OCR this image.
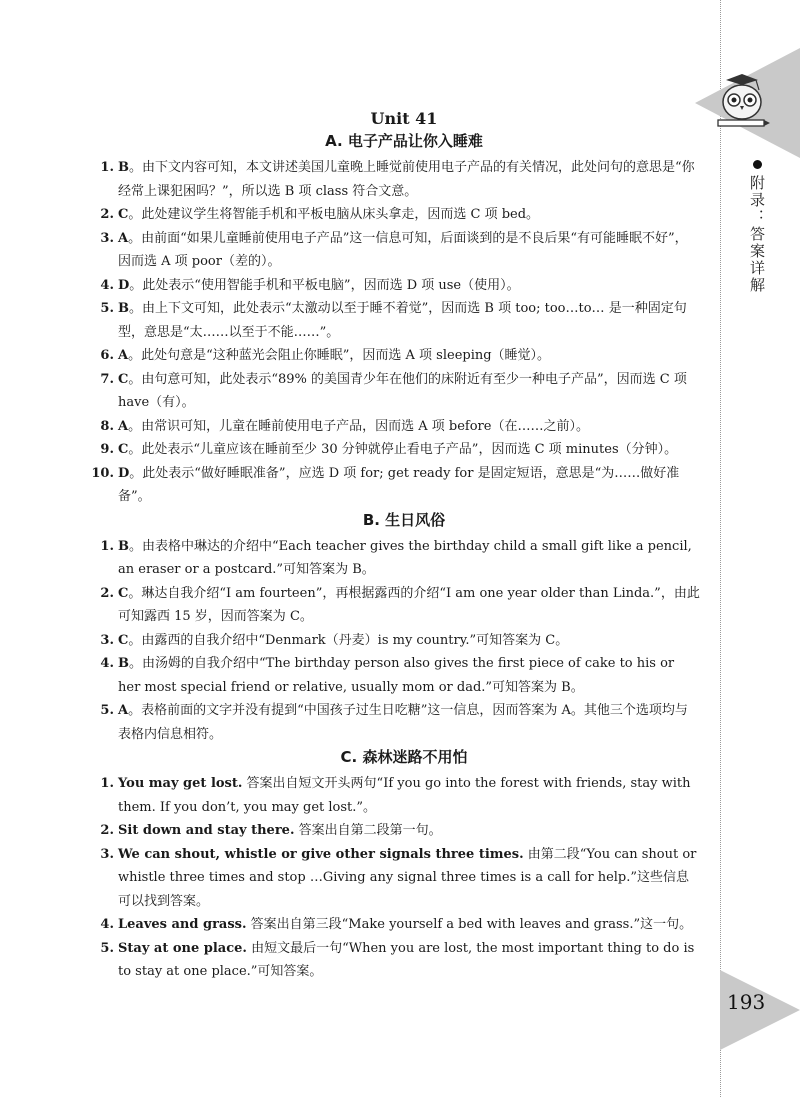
附录：答案详解
193
Unit 41
A. 电子产品让你入睡难

1. B。由下文内容可知，本文讲述美国儿童晚上睡觉前使用电子产品的有关情况，此处问句的意思是“你经常上课犯困吗？”，所以选 B 项 class 符合文意。

2. C。此处建议学生将智能手机和平板电脑从床头拿走，因而选 C 项 bed。

3. A。由前面“如果儿童睡前使用电子产品”这一信息可知，后面谈到的是不良后果“有可能睡眠不好”，因而选 A 项 poor（差的）。

4. D。此处表示“使用智能手机和平板电脑”，因而选 D 项 use（使用）。

5. B。由上下文可知，此处表示“太激动以至于睡不着觉”，因而选 B 项 too; too…to… 是一种固定句型，意思是“太……以至于不能……”。

6. A。此处句意是“这种蓝光会阻止你睡眠”，因而选 A 项 sleeping（睡觉）。

7. C。由句意可知，此处表示“89% 的美国青少年在他们的床附近有至少一种电子产品”，因而选 C 项 have（有）。

8. A。由常识可知，儿童在睡前使用电子产品，因而选 A 项 before（在……之前）。

9. C。此处表示“儿童应该在睡前至少 30 分钟就停止看电子产品”，因而选 C 项 minutes（分钟）。

10. D。此处表示“做好睡眠准备”，应选 D 项 for; get ready for 是固定短语，意思是“为……做好准备”。

B. 生日风俗

1. B。由表格中琳达的介绍中“Each teacher gives the birthday child a small gift like a pencil, an eraser or a postcard.”可知答案为 B。

2. C。琳达自我介绍“I am fourteen”，再根据露西的介绍“I am one year older than Linda.”，由此可知露西 15 岁，因而答案为 C。

3. C。由露西的自我介绍中“Denmark（丹麦）is my country.”可知答案为 C。

4. B。由汤姆的自我介绍中“The birthday person also gives the first piece of cake to his or her most special friend or relative, usually mom or dad.”可知答案为 B。

5. A。表格前面的文字并没有提到“中国孩子过生日吃糖”这一信息，因而答案为 A。其他三个选项均与表格内信息相符。

C. 森林迷路不用怕

1. You may get lost. 答案出自短文开头两句“If you go into the forest with friends, stay with them. If you don’t, you may get lost.”。

2. Sit down and stay there. 答案出自第二段第一句。

3. We can shout, whistle or give other signals three times. 由第二段“You can shout or whistle three times and stop …Giving any signal three times is a call for help.”这些信息可以找到答案。

4. Leaves and grass. 答案出自第三段“Make yourself a bed with leaves and grass.”这一句。

5. Stay at one place. 由短文最后一句“When you are lost, the most important thing to do is to stay at one place.”可知答案。
